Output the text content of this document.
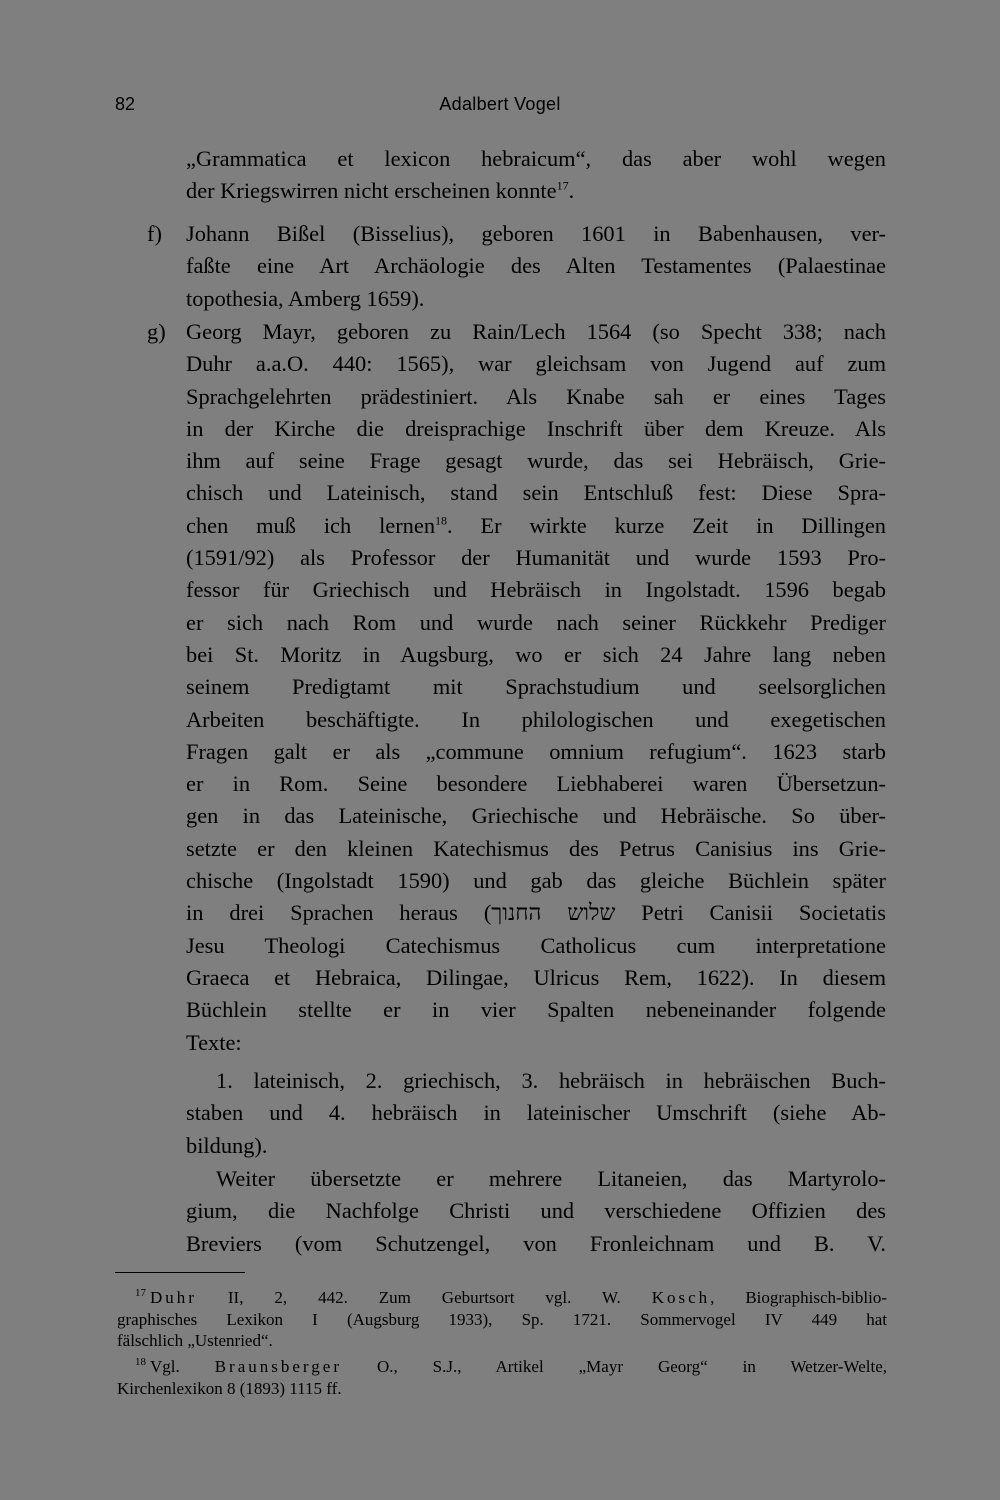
82	Adalbert Vogel
„Grammatica et lexicon hebraicum“, das aber wohl wegen
der Kriegswirren nicht erscheinen konnte$^{17}$.
f) Johann Bißel (Bisselius), geboren 1601 in Babenhausen, ver-
faßte eine Art Archäologie des Alten Testamentes (Palaestinae
topothesia, Amberg 1659).
g) Georg Mayr, geboren zu Rain/Lech 1564 (so Specht 338; nach
Duhr a.a.O. 440: 1565), war gleichsam von Jugend auf zum
Sprachgelehrten prädestiniert. Als Knabe sah er eines Tages
in der Kirche die dreisprachige Inschrift über dem Kreuze. Als
ihm auf seine Frage gesagt wurde, das sei Hebräisch, Grie-
chisch und Lateinisch, stand sein Entschluß fest: Diese Spra-
chen muß ich lernen$^{18}$. Er wirkte kurze Zeit in Dillingen
(1591/92) als Professor der Humanität und wurde 1593 Pro-
fessor für Griechisch und Hebräisch in Ingolstadt. 1596 begab
er sich nach Rom und wurde nach seiner Rückkehr Prediger
bei St. Moritz in Augsburg, wo er sich 24 Jahre lang neben
seinem Predigtamt mit Sprachstudium und seelsorglichen
Arbeiten beschäftigte. In philologischen und exegetischen
Fragen galt er als „commune omnium refugium“. 1623 starb
er in Rom. Seine besondere Liebhaberei waren Übersetzun-
gen in das Lateinische, Griechische und Hebräische. So über-
setzte er den kleinen Katechismus des Petrus Canisius ins Grie-
chische (Ingolstadt 1590) und gab das gleiche Büchlein später
in drei Sprachen heraus (שלוש החנוך Petri Canisii Societatis
Jesu Theologi Catechismus Catholicus cum interpretatione
Graeca et Hebraica, Dilingae, Ulricus Rem, 1622). In diesem
Büchlein stellte er in vier Spalten nebeneinander folgende
Texte:
1. lateinisch, 2. griechisch, 3. hebräisch in hebräischen Buch-
staben und 4. hebräisch in lateinischer Umschrift (siehe Ab-
bildung).
Weiter übersetzte er mehrere Litaneien, das Martyrolo-
gium, die Nachfolge Christi und verschiedene Offizien des
Breviers (vom Schutzengel, von Fronleichnam und B. V.
$^{17}$ Duhr II, 2, 442. Zum Geburtsort vgl. W. Kosch, Biographisch-biblio-
graphisches Lexikon I (Augsburg 1933), Sp. 1721. Sommervogel IV 449 hat
fälschlich „Ustenried“.
$^{18}$ Vgl. Braunsberger O., S.J., Artikel „Mayr Georg“ in Wetzer-Welte,
Kirchenlexikon 8 (1893) 1115 ff.
